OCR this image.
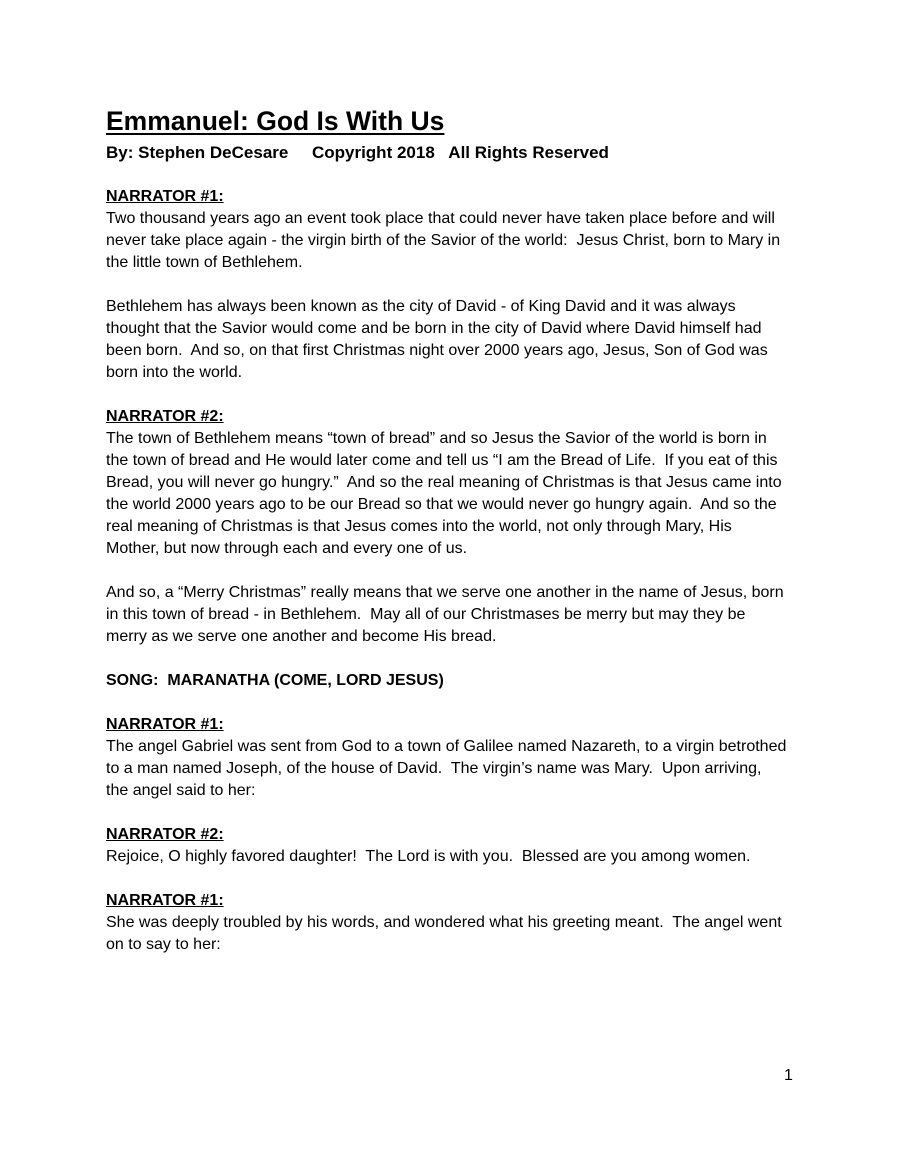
Emmanuel: God Is With Us

By: Stephen DeCesare     Copyright 2018   All Rights Reserved

NARRATOR #1:

Two thousand years ago an event took place that could never have taken place before and will
never take place again - the virgin birth of the Savior of the world:  Jesus Christ, born to Mary in
the little town of Bethlehem.

Bethlehem has always been known as the city of David - of King David and it was always
thought that the Savior would come and be born in the city of David where David himself had
been born.  And so, on that first Christmas night over 2000 years ago, Jesus, Son of God was
born into the world.

NARRATOR #2:

The town of Bethlehem means “town of bread” and so Jesus the Savior of the world is born in
the town of bread and He would later come and tell us “I am the Bread of Life.  If you eat of this
Bread, you will never go hungry.”  And so the real meaning of Christmas is that Jesus came into
the world 2000 years ago to be our Bread so that we would never go hungry again.  And so the
real meaning of Christmas is that Jesus comes into the world, not only through Mary, His
Mother, but now through each and every one of us.

And so, a “Merry Christmas” really means that we serve one another in the name of Jesus, born
in this town of bread - in Bethlehem.  May all of our Christmases be merry but may they be
merry as we serve one another and become His bread.

SONG:  MARANATHA (COME, LORD JESUS)

NARRATOR #1:

The angel Gabriel was sent from God to a town of Galilee named Nazareth, to a virgin betrothed
to a man named Joseph, of the house of David.  The virgin’s name was Mary.  Upon arriving,
the angel said to her:

NARRATOR #2:

Rejoice, O highly favored daughter!  The Lord is with you.  Blessed are you among women.

NARRATOR #1:

She was deeply troubled by his words, and wondered what his greeting meant.  The angel went
on to say to her:

1
